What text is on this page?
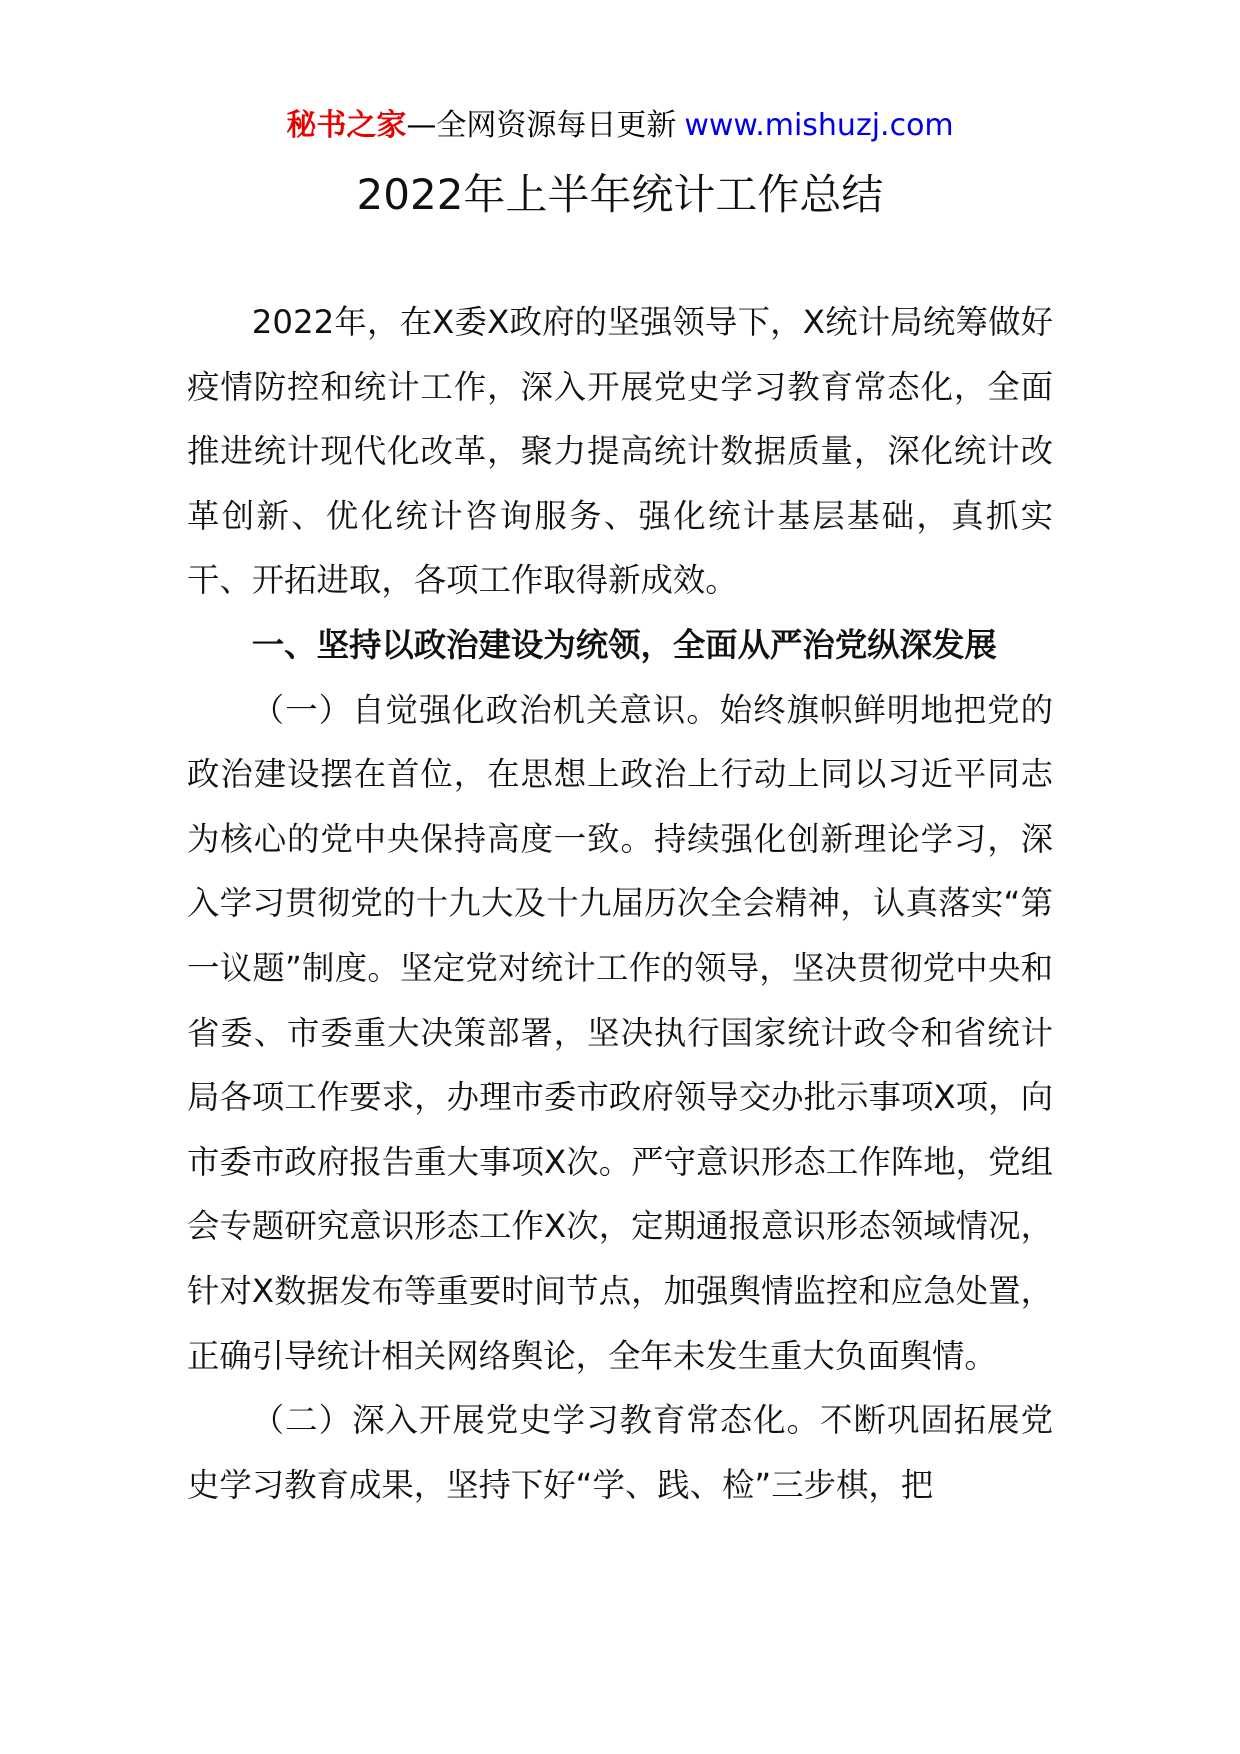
秘书之家—全网资源每日更新 www.mishuzj.com
2022年上半年统计工作总结

2022年，在X委X政府的坚强领导下，X统计局统筹做好疫情防控和统计工作，深入开展党史学习教育常态化，全面推进统计现代化改革，聚力提高统计数据质量，深化统计改革创新、优化统计咨询服务、强化统计基层基础，真抓实干、开拓进取，各项工作取得新成效。

一、坚持以政治建设为统领，全面从严治党纵深发展

（一）自觉强化政治机关意识。始终旗帜鲜明地把党的政治建设摆在首位，在思想上政治上行动上同以习近平同志为核心的党中央保持高度一致。持续强化创新理论学习，深入学习贯彻党的十九大及十九届历次全会精神，认真落实“第一议题”制度。坚定党对统计工作的领导，坚决贯彻党中央和省委、市委重大决策部署，坚决执行国家统计政令和省统计局各项工作要求，办理市委市政府领导交办批示事项X项，向市委市政府报告重大事项X次。严守意识形态工作阵地，党组会专题研究意识形态工作X次，定期通报意识形态领域情况，针对X数据发布等重要时间节点，加强舆情监控和应急处置，正确引导统计相关网络舆论，全年未发生重大负面舆情。

（二）深入开展党史学习教育常态化。不断巩固拓展党史学习教育成果，坚持下好“学、践、检”三步棋，把
